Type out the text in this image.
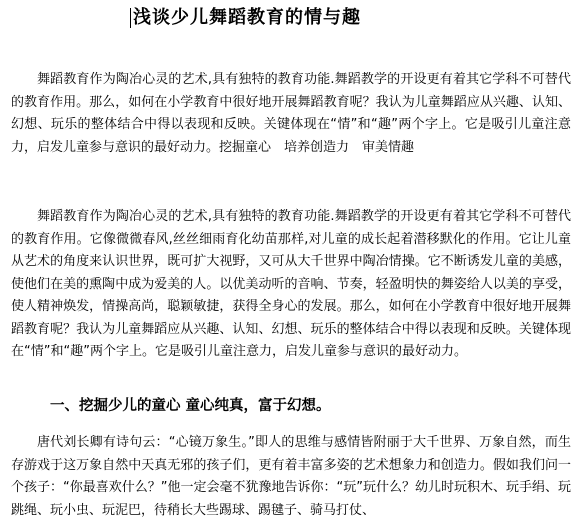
浅谈少儿舞蹈教育的情与趣

舞蹈教育作为陶冶心灵的艺术,具有独特的教育功能.舞蹈教学的开设更有着其它学科不可替代的教育作用。那么，如何在小学教育中很好地开展舞蹈教育呢？我认为儿童舞蹈应从兴趣、认知、幻想、玩乐的整体结合中得以表现和反映。关键体现在“情”和“趣”两个字上。它是吸引儿童注意力，启发儿童参与意识的最好动力。挖掘童心　培养创造力　审美情趣

舞蹈教育作为陶冶心灵的艺术,具有独特的教育功能.舞蹈教学的开设更有着其它学科不可替代的教育作用。它像微微春风,丝丝细雨育化幼苗那样,对儿童的成长起着潜移默化的作用。它让儿童从艺术的角度来认识世界，既可扩大视野，又可从大千世界中陶冶情操。它不断诱发儿童的美感，使他们在美的熏陶中成为爱美的人。以优美动听的音响、节奏，轻盈明快的舞姿给人以美的享受，使人精神焕发，情操高尚，聪颖敏捷，获得全身心的发展。那么，如何在小学教育中很好地开展舞蹈教育呢？我认为儿童舞蹈应从兴趣、认知、幻想、玩乐的整体结合中得以表现和反映。关键体现在“情”和“趣”两个字上。它是吸引儿童注意力，启发儿童参与意识的最好动力。

一、挖掘少儿的童心 童心纯真，富于幻想。

唐代刘长卿有诗句云：“心镜万象生。”即人的思维与感情皆附丽于大千世界、万象自然，而生存游戏于这万象自然中天真无邪的孩子们，更有着丰富多姿的艺术想象力和创造力。假如我们问一个孩子：“你最喜欢什么？”他一定会毫不犹豫地告诉你：“玩”玩什么？幼儿时玩积木、玩手绢、玩跳绳、玩小虫、玩泥巴，待稍长大些踢球、踢毽子、骑马打仗、
